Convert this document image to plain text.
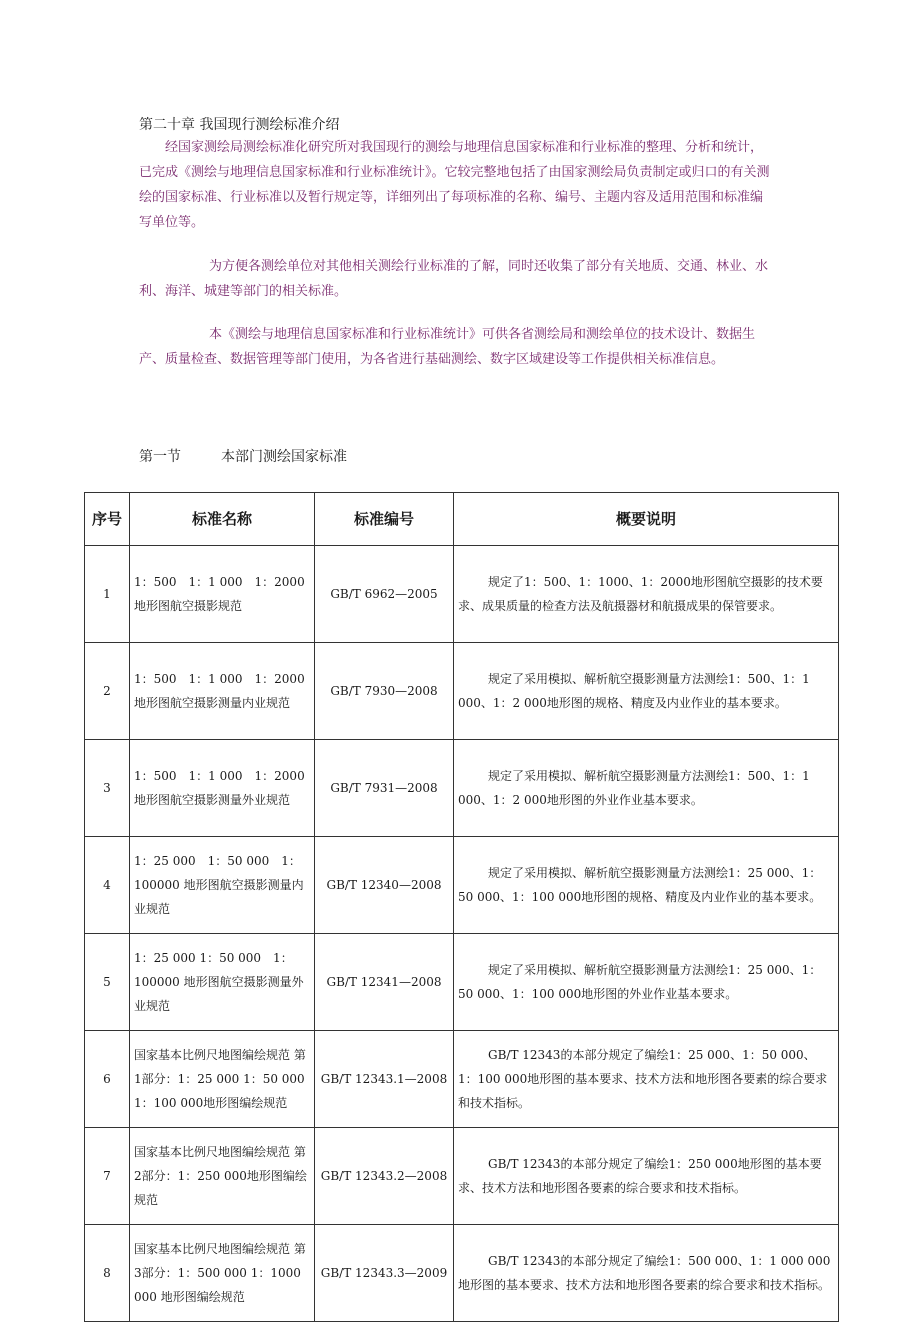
第二十章 我国现行测绘标准介绍

经国家测绘局测绘标准化研究所对我国现行的测绘与地理信息国家标准和行业标准的整理、分析和统计，已完成《测绘与地理信息国家标准和行业标准统计》。它较完整地包括了由国家测绘局负责制定或归口的有关测绘的国家标准、行业标准以及暂行规定等，详细列出了每项标准的名称、编号、主题内容及适用范围和标准编写单位等。

为方便各测绘单位对其他相关测绘行业标准的了解，同时还收集了部分有关地质、交通、林业、水利、海洋、城建等部门的相关标准。

本《测绘与地理信息国家标准和行业标准统计》可供各省测绘局和测绘单位的技术设计、数据生产、质量检查、数据管理等部门使用，为各省进行基础测绘、数字区域建设等工作提供相关标准信息。

第一节	本部门测绘国家标准
序号	标准名称	标准编号	概要说明
1	1：500　1：1 000　1：2000地形图航空摄影规范	GB/T 6962—2005	规定了1：500、1：1000、1：2000地形图航空摄影的技术要求、成果质量的检查方法及航摄器材和航摄成果的保管要求。
2	1：500　1：1 000　1：2000 地形图航空摄影测量内业规范	GB/T 7930—2008	规定了采用模拟、解析航空摄影测量方法测绘1：500、1：1 000、1：2 000地形图的规格、精度及内业作业的基本要求。
3	1：500　1：1 000　1：2000 地形图航空摄影测量外业规范	GB/T 7931—2008	规定了采用模拟、解析航空摄影测量方法测绘1：500、1：1 000、1：2 000地形图的外业作业基本要求。
4	1：25 000　1：50 000　1：100000 地形图航空摄影测量内业规范	GB/T 12340—2008	规定了采用模拟、解析航空摄影测量方法测绘1：25 000、1：50 000、1：100 000地形图的规格、精度及内业作业的基本要求。
5	1：25 000 1：50 000　1：100000 地形图航空摄影测量外业规范	GB/T 12341—2008	规定了采用模拟、解析航空摄影测量方法测绘1：25 000、1：50 000、1：100 000地形图的外业作业基本要求。
6	国家基本比例尺地图编绘规范 第1部分：1：25 000 1：50 000 1：100 000地形图编绘规范	GB/T 12343.1—2008	GB/T 12343的本部分规定了编绘1：25 000、1：50 000、1：100 000地形图的基本要求、技术方法和地形图各要素的综合要求和技术指标。
7	国家基本比例尺地图编绘规范 第2部分：1：250 000地形图编绘规范	GB/T 12343.2—2008	GB/T 12343的本部分规定了编绘1：250 000地形图的基本要求、技术方法和地形图各要素的综合要求和技术指标。
8	国家基本比例尺地图编绘规范 第3部分：1：500 000 1：1000 000 地形图编绘规范	GB/T 12343.3—2009	GB/T 12343的本部分规定了编绘1：500 000、1：1 000 000地形图的基本要求、技术方法和地形图各要素的综合要求和技术指标。
